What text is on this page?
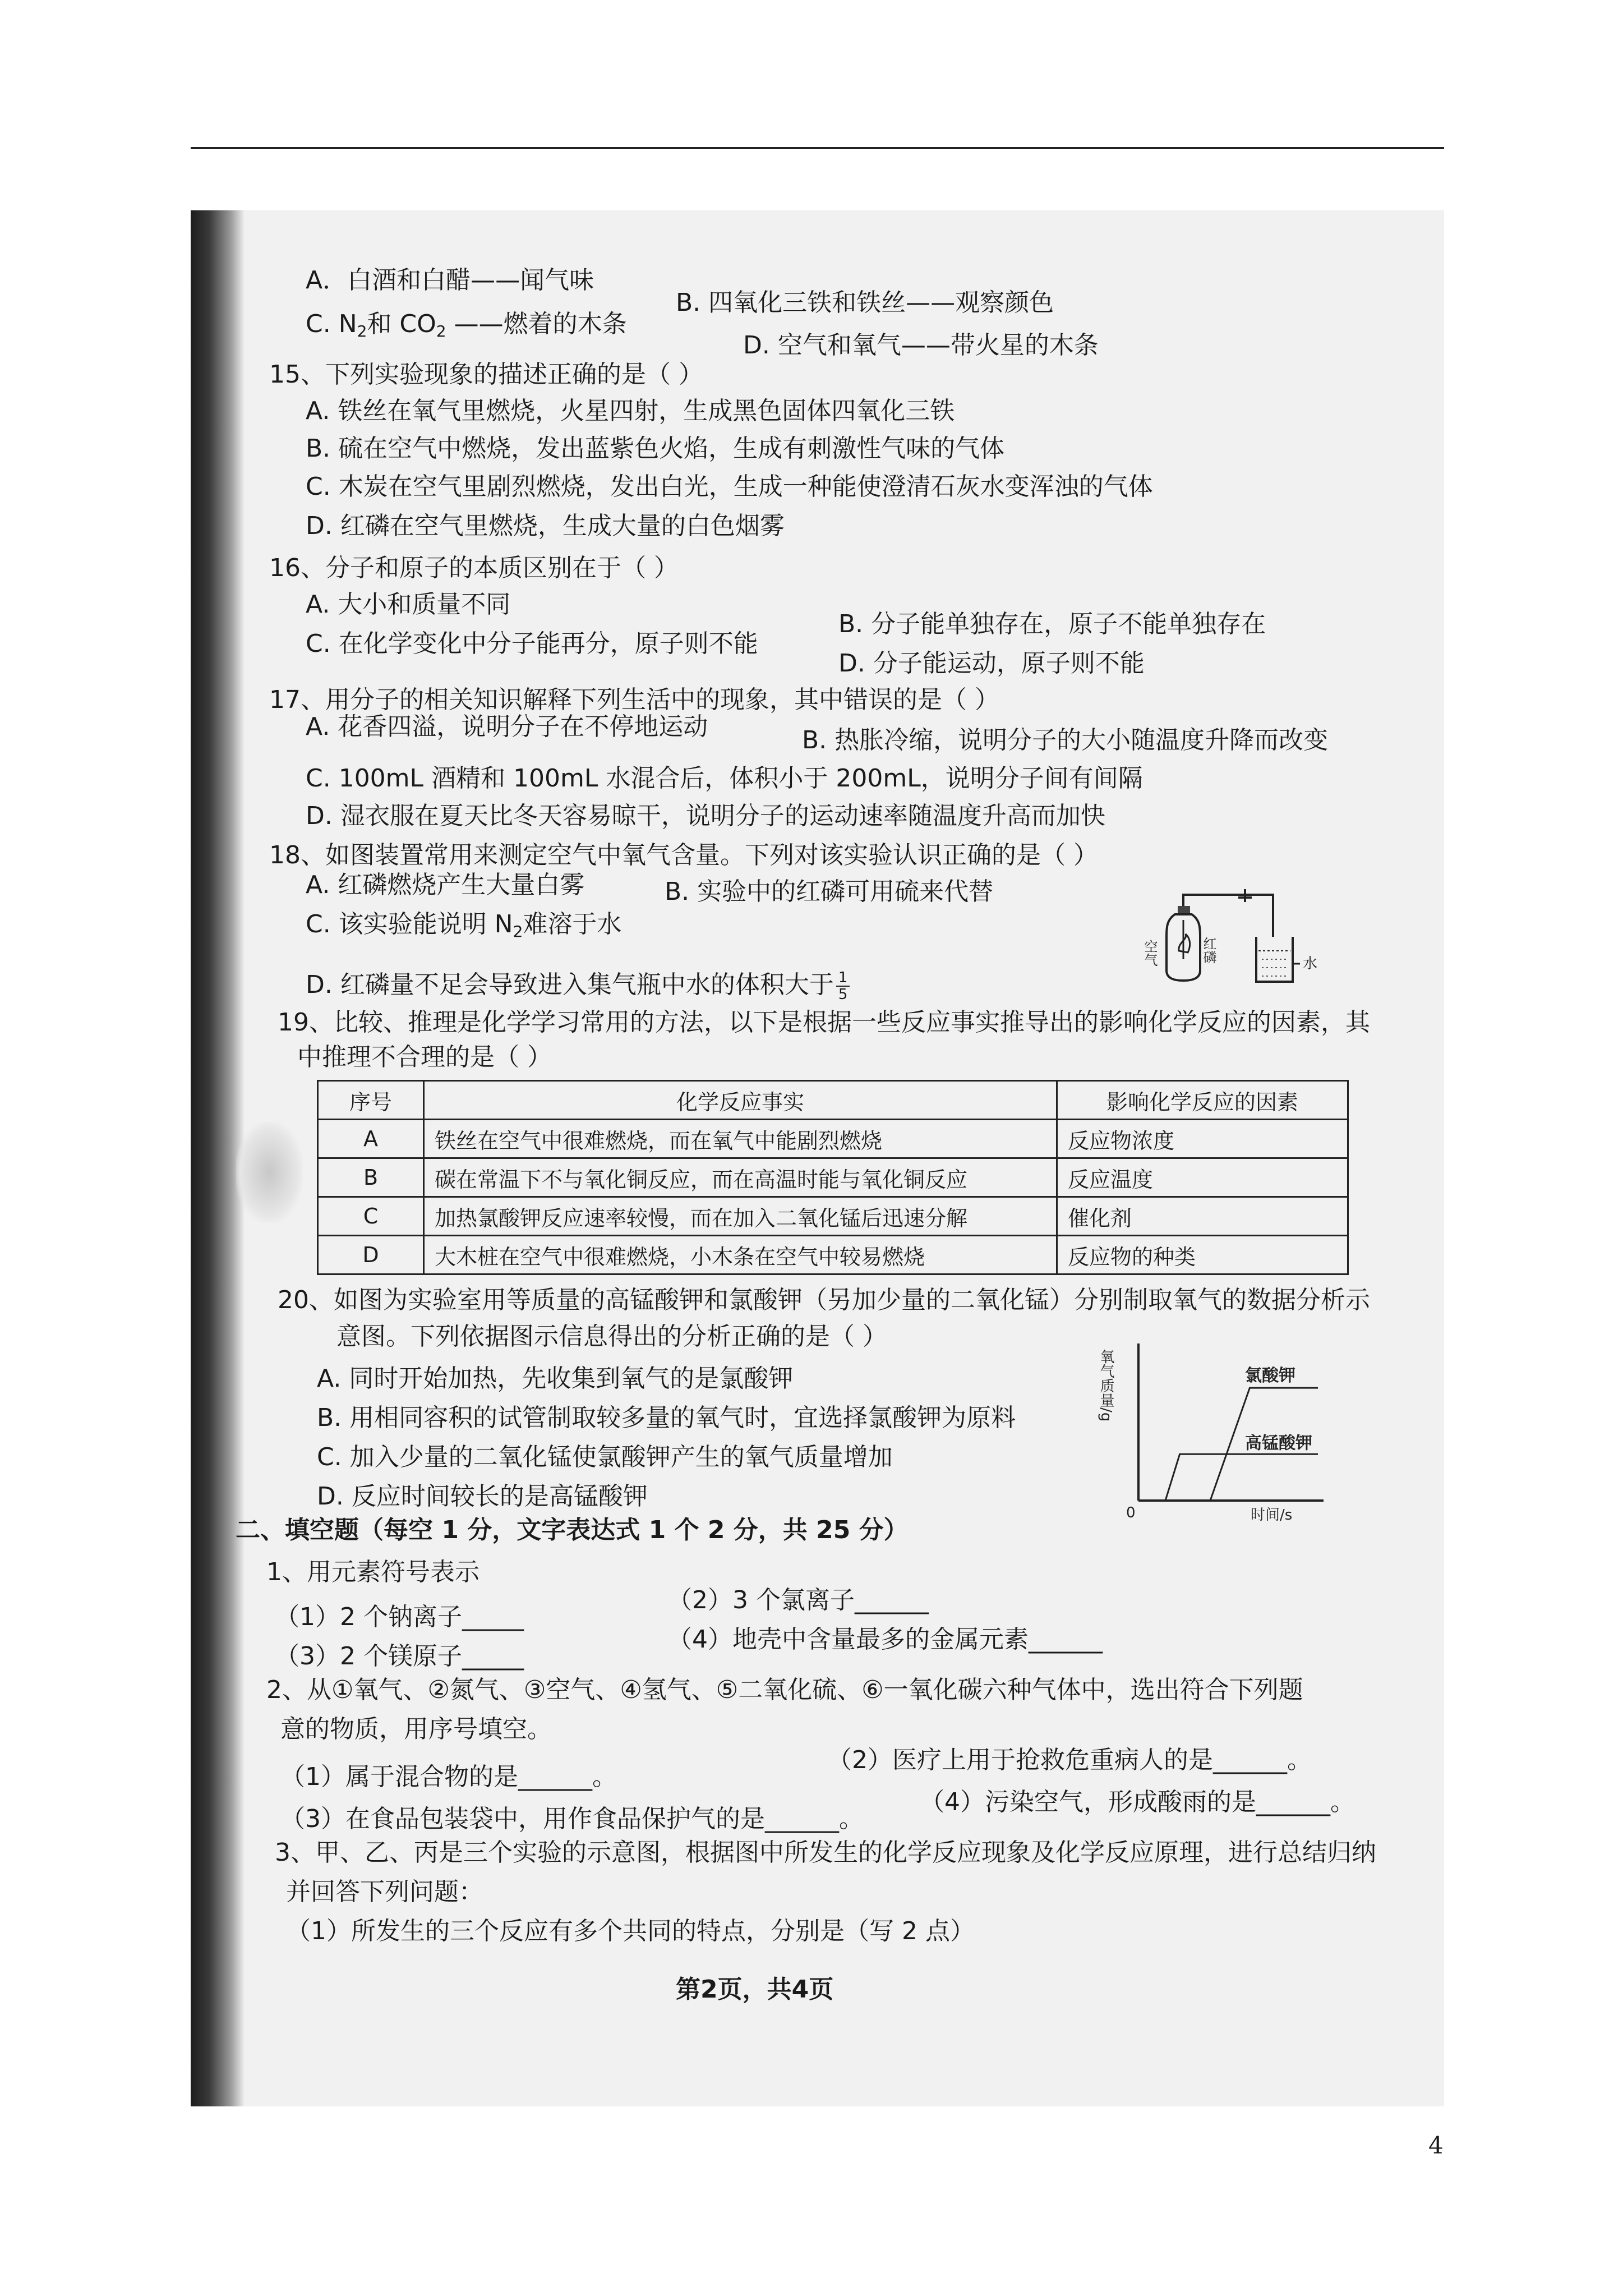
A．白酒和白醋——闻气味
B. 四氧化三铁和铁丝——观察颜色
C. $N_2$和 $CO_2$ ——燃着的木条
D. 空气和氧气——带火星的木条
15、下列实验现象的描述正确的是（ ）
A. 铁丝在氧气里燃烧，火星四射，生成黑色固体四氧化三铁
B. 硫在空气中燃烧，发出蓝紫色火焰，生成有刺激性气味的气体
C. 木炭在空气里剧烈燃烧，发出白光，生成一种能使澄清石灰水变浑浊的气体
D. 红磷在空气里燃烧，生成大量的白色烟雾
16、分子和原子的本质区别在于（ ）
A. 大小和质量不同
B. 分子能单独存在，原子不能单独存在
C. 在化学变化中分子能再分，原子则不能
D. 分子能运动，原子则不能
17、用分子的相关知识解释下列生活中的现象，其中错误的是（ ）
A. 花香四溢，说明分子在不停地运动	B. 热胀冷缩，说明分子的大小随温度升降而改变
C. 100mL 酒精和 100mL 水混合后，体积小于 200mL，说明分子间有间隔
D. 湿衣服在夏天比冬天容易晾干，说明分子的运动速率随温度升高而加快
18、如图装置常用来测定空气中氧气含量。下列对该实验认识正确的是（ ）
A. 红磷燃烧产生大量白雾	B. 实验中的红磷可用硫来代替
C. 该实验能说明 $N_2$难溶于水
D. 红磷量不足会导致进入集气瓶中水的体积大于 $\frac{1}{5}$
空气	红磷	水
19、比较、推理是化学学习常用的方法，以下是根据一些反应事实推导出的影响化学反应的因素，其
中推理不合理的是（ ）
序号	化学反应事实	影响化学反应的因素
A	铁丝在空气中很难燃烧，而在氧气中能剧烈燃烧	反应物浓度
B	碳在常温下不与氧化铜反应，而在高温时能与氧化铜反应	反应温度
C	加热氯酸钾反应速率较慢，而在加入二氧化锰后迅速分解	催化剂
D	大木桩在空气中很难燃烧，小木条在空气中较易燃烧	反应物的种类
20、如图为实验室用等质量的高锰酸钾和氯酸钾（另加少量的二氧化锰）分别制取氧气的数据分析示
意图。下列依据图示信息得出的分析正确的是（ ）
A. 同时开始加热，先收集到氧气的是氯酸钾
B. 用相同容积的试管制取较多量的氧气时，宜选择氯酸钾为原料
C. 加入少量的二氧化锰使氯酸钾产生的氧气质量增加
D. 反应时间较长的是高锰酸钾
氯酸钾
高锰酸钾
氧气质量/g
时间/s
0
二、填空题（每空 1 分，文字表达式 1 个 2 分，共 25 分）
1、用元素符号表示
（2）3 个氯离子______
（1）2 个钠离子_____
（4）地壳中含量最多的金属元素______
（3）2 个镁原子_____
2、从①氧气、②氮气、③空气、④氢气、⑤二氧化硫、⑥一氧化碳六种气体中，选出符合下列题
意的物质，用序号填空。
（2）医疗上用于抢救危重病人的是______。
（1）属于混合物的是______。
（4）污染空气，形成酸雨的是______。
（3）在食品包装袋中，用作食品保护气的是______。
3、甲、乙、丙是三个实验的示意图，根据图中所发生的化学反应现象及化学反应原理，进行总结归纳
并回答下列问题：
（1）所发生的三个反应有多个共同的特点，分别是（写 2 点）
第2页，共4页
4
